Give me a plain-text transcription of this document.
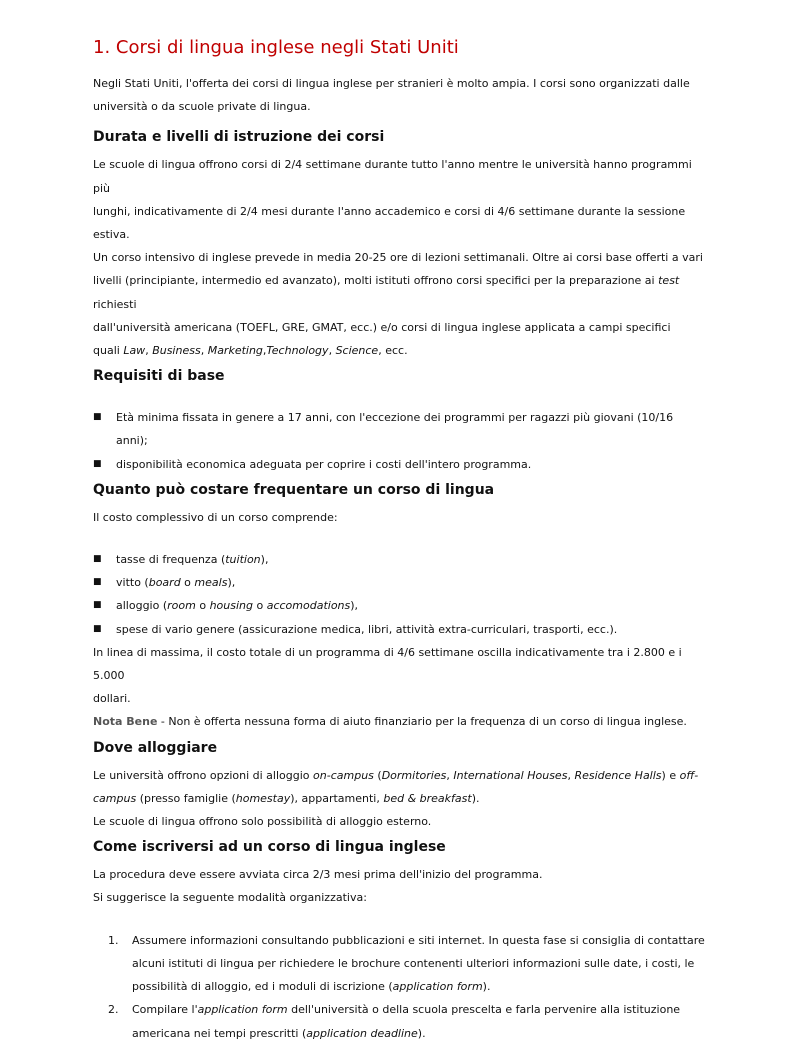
1. Corsi di lingua inglese negli Stati Uniti

Negli Stati Uniti, l'offerta dei corsi di lingua inglese per stranieri è molto ampia. I corsi sono organizzati dalle
università o da scuole private di lingua.

Durata e livelli di istruzione dei corsi

Le scuole di lingua offrono corsi di 2/4 settimane durante tutto l'anno mentre le università hanno programmi più
lunghi, indicativamente di 2/4 mesi durante l'anno accademico e corsi di 4/6 settimane durante la sessione estiva.
Un corso intensivo di inglese prevede in media 20-25 ore di lezioni settimanali. Oltre ai corsi base offerti a vari
livelli (principiante, intermedio ed avanzato), molti istituti offrono corsi specifici per la preparazione ai test richiesti
dall'università americana (TOEFL, GRE, GMAT, ecc.) e/o corsi di lingua inglese applicata a campi specifici
quali Law, Business, Marketing,Technology, Science, ecc.

Requisiti di base
■ Età minima fissata in genere a 17 anni, con l'eccezione dei programmi per ragazzi più giovani (10/16 anni);
■ disponibilità economica adeguata per coprire i costi dell'intero programma.
Quanto può costare frequentare un corso di lingua

Il costo complessivo di un corso comprende:

■ tasse di frequenza (tuition),
■ vitto (board o meals),
■ alloggio (room o housing o accomodations),
■ spese di vario genere (assicurazione medica, libri, attività extra-curriculari, trasporti, ecc.).

In linea di massima, il costo totale di un programma di 4/6 settimane oscilla indicativamente tra i 2.800 e i 5.000
dollari.
Nota Bene - Non è offerta nessuna forma di aiuto finanziario per la frequenza di un corso di lingua inglese.

Dove alloggiare

Le università offrono opzioni di alloggio on-campus (Dormitories, International Houses, Residence Halls) e off-
campus (presso famiglie (homestay), appartamenti, bed & breakfast).
Le scuole di lingua offrono solo possibilità di alloggio esterno.

Come iscriversi ad un corso di lingua inglese

La procedura deve essere avviata circa 2/3 mesi prima dell'inizio del programma.
Si suggerisce la seguente modalità organizzativa:

1. Assumere informazioni consultando pubblicazioni e siti internet. In questa fase si consiglia di contattare
alcuni istituti di lingua per richiedere le brochure contenenti ulteriori informazioni sulle date, i costi, le
possibilità di alloggio, ed i moduli di iscrizione (application form).
2. Compilare l'application form dell'università o della scuola prescelta e farla pervenire alla istituzione
americana nei tempi prescritti (application deadline).
